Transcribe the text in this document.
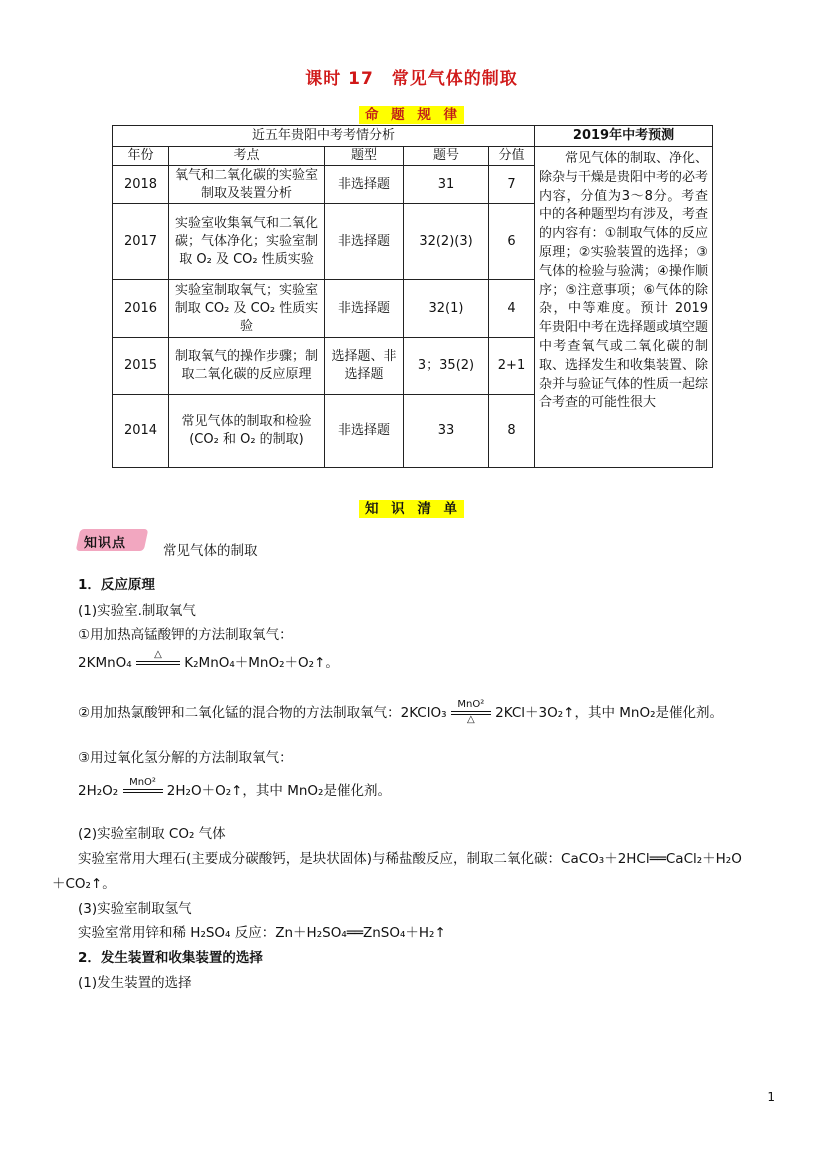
课时 17　常见气体的制取
命 题 规 律
近五年贵阳中考考情分析					2019年中考预测
年份	考点	题型	题号	分值	　　常见气体的制取、净化、除杂与干燥是贵阳中考的必考内容，分值为3～8分。考查中的各种题型均有涉及，考查的内容有：①制取气体的反应原理；②实验装置的选择；③气体的检验与验满；④操作顺序；⑤注意事项；⑥气体的除杂，中等难度。预计 2019 年贵阳中考在选择题或填空题中考查氧气或二氧化碳的制取、选择发生和收集装置、除杂并与验证气体的性质一起综合考查的可能性很大
2018	氧气和二氧化碳的实验室制取及装置分析	非选择题	31	7	
2017	实验室收集氧气和二氧化碳；气体净化；实验室制取 O₂ 及 CO₂ 性质实验	非选择题	32(2)(3)	6	
2016	实验室制取氧气；实验室制取 CO₂ 及 CO₂ 性质实验	非选择题	32(1)	4	
2015	制取氧气的操作步骤；制取二氧化碳的反应原理	选择题、非选择题	3；35(2)	2+1	
2014	常见气体的制取和检验(CO₂ 和 O₂ 的制取)	非选择题	33	8	
知 识 清 单
知识点	常见气体的制取
1．反应原理
(1)实验室.制取氧气
①用加热高锰酸钾的方法制取氧气：
2KMnO₄
△
K₂MnO₄＋MnO₂＋O₂↑。
②用加热氯酸钾和二氧化锰的混合物的方法制取氧气：2KClO₃
MnO²
△	2KCl＋3O₂↑，其中 MnO₂是催化剂。
③用过氧化氢分解的方法制取氧气：
2H₂O₂
MnO²
2H₂O＋O₂↑，其中 MnO₂是催化剂。
(2)实验室制取 CO₂ 气体
实验室常用大理石(主要成分碳酸钙，是块状固体)与稀盐酸反应，制取二氧化碳：CaCO₃＋2HCl══CaCl₂＋H₂O
＋CO₂↑。
(3)实验室制取氢气
实验室常用锌和稀 H₂SO₄ 反应：Zn＋H₂SO₄══ZnSO₄＋H₂↑
2．发生装置和收集装置的选择
(1)发生装置的选择
1
